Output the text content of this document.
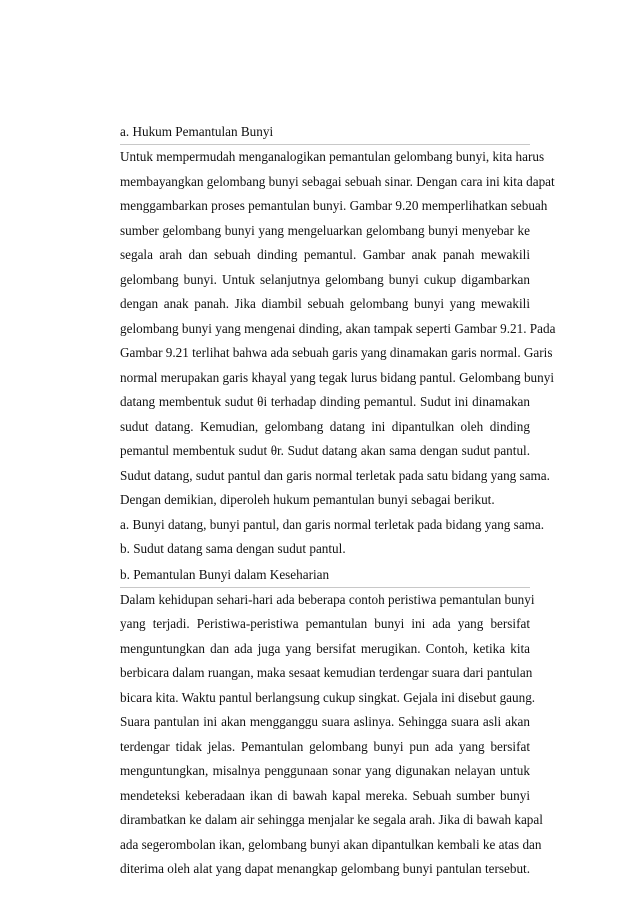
a. Hukum Pemantulan Bunyi
Untuk mempermudah menganalogikan pemantulan gelombang bunyi, kita harus
membayangkan gelombang bunyi sebagai sebuah sinar. Dengan cara ini kita dapat
menggambarkan proses pemantulan bunyi. Gambar 9.20 memperlihatkan sebuah
sumber gelombang bunyi yang mengeluarkan gelombang bunyi menyebar ke
segala arah dan sebuah dinding pemantul. Gambar anak panah mewakili
gelombang bunyi. Untuk selanjutnya gelombang bunyi cukup digambarkan
dengan anak panah. Jika diambil sebuah gelombang bunyi yang mewakili
gelombang bunyi yang mengenai dinding, akan tampak seperti Gambar 9.21. Pada
Gambar 9.21 terlihat bahwa ada sebuah garis yang dinamakan garis normal. Garis
normal merupakan garis khayal yang tegak lurus bidang pantul. Gelombang bunyi
datang membentuk sudut θi terhadap dinding pemantul. Sudut ini dinamakan
sudut datang. Kemudian, gelombang datang ini dipantulkan oleh dinding
pemantul membentuk sudut θr. Sudut datang akan sama dengan sudut pantul.
Sudut datang, sudut pantul dan garis normal terletak pada satu bidang yang sama.
Dengan demikian, diperoleh hukum pemantulan bunyi sebagai berikut.
a. Bunyi datang, bunyi pantul, dan garis normal terletak pada bidang yang sama.
b. Sudut datang sama dengan sudut pantul.
b. Pemantulan Bunyi dalam Keseharian
Dalam kehidupan sehari-hari ada beberapa contoh peristiwa pemantulan bunyi
yang terjadi. Peristiwa-peristiwa pemantulan bunyi ini ada yang bersifat
menguntungkan dan ada juga yang bersifat merugikan. Contoh, ketika kita
berbicara dalam ruangan, maka sesaat kemudian terdengar suara dari pantulan
bicara kita. Waktu pantul berlangsung cukup singkat. Gejala ini disebut gaung.
Suara pantulan ini akan mengganggu suara aslinya. Sehingga suara asli akan
terdengar tidak jelas. Pemantulan gelombang bunyi pun ada yang bersifat
menguntungkan, misalnya penggunaan sonar yang digunakan nelayan untuk
mendeteksi keberadaan ikan di bawah kapal mereka. Sebuah sumber bunyi
dirambatkan ke dalam air sehingga menjalar ke segala arah. Jika di bawah kapal
ada segerombolan ikan, gelombang bunyi akan dipantulkan kembali ke atas dan
diterima oleh alat yang dapat menangkap gelombang bunyi pantulan tersebut.
